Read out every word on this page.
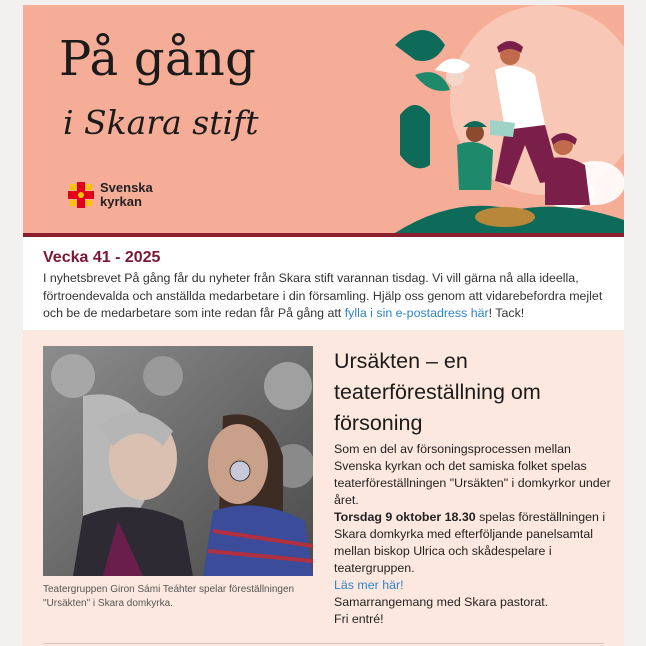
På gång
i Skara stift
Svenska
kyrkan
Vecka 41 - 2025
I nyhetsbrevet På gång får du nyheter från Skara stift varannan tisdag. Vi vill gärna nå alla ideella, förtroendevalda och anställda medarbetare i din församling. Hjälp oss genom att vidarebefordra mejlet och be de medarbetare som inte redan får På gång att fylla i sin e-postadress här! Tack!
Teatergruppen Giron Sámi Teáhter spelar föreställningen "Ursäkten" i Skara domkyrka.
Ursäkten – en teaterföreställning om försoning

Som en del av försoningsprocessen mellan Svenska kyrkan och det samiska folket spelas teaterföreställningen "Ursäkten" i domkyrkor under året.

Torsdag 9 oktober 18.30 spelas föreställningen i Skara domkyrka med efterföljande panelsamtal mellan biskop Ulrica och skådespelare i teatergruppen.

Läs mer här!

Samarrangemang med Skara pastorat.

Fri entré!
